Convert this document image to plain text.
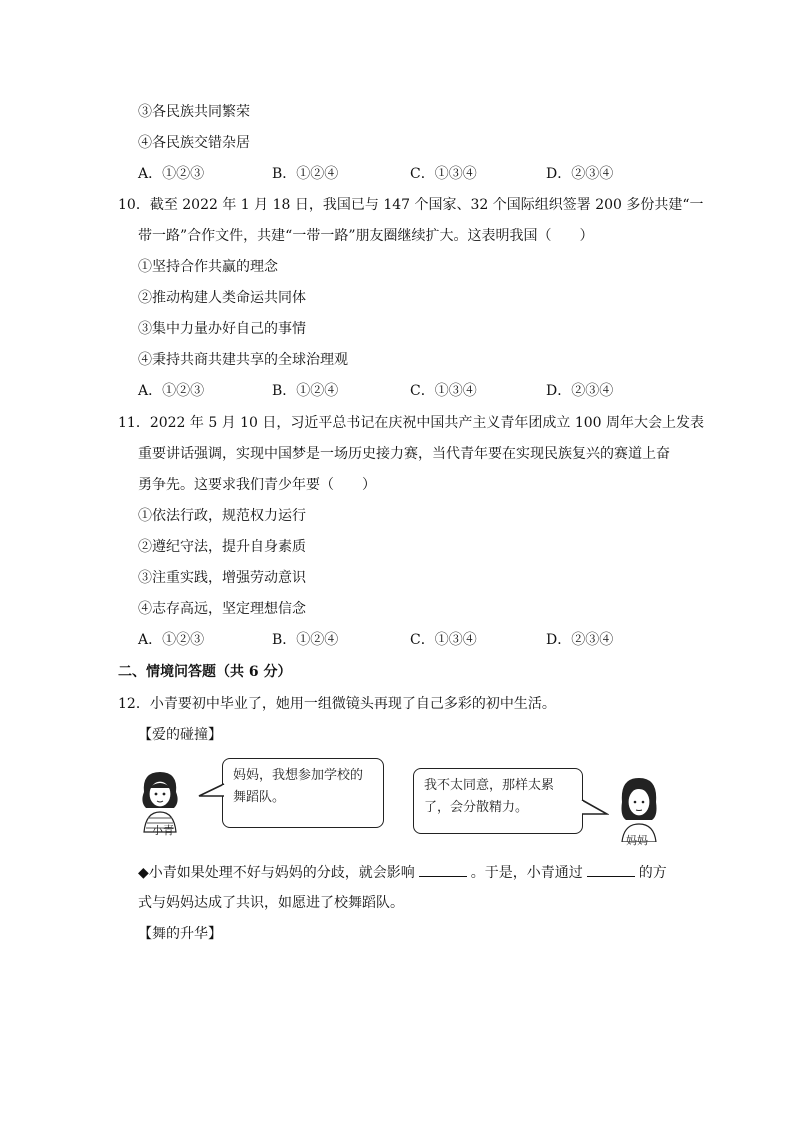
③各民族共同繁荣
④各民族交错杂居
A．①②③	B．①②④	C．①③④	D．②③④
10．截至 2022 年 1 月 18 日，我国已与 147 个国家、32 个国际组织签署 200 多份共建“一
带一路”合作文件，共建“一带一路”朋友圈继续扩大。这表明我国（　　）
①坚持合作共赢的理念
②推动构建人类命运共同体
③集中力量办好自己的事情
④秉持共商共建共享的全球治理观
A．①②③	B．①②④	C．①③④	D．②③④
11．2022 年 5 月 10 日，习近平总书记在庆祝中国共产主义青年团成立 100 周年大会上发表
重要讲话强调，实现中国梦是一场历史接力赛，当代青年要在实现民族复兴的赛道上奋
勇争先。这要求我们青少年要（　　）
①依法行政，规范权力运行
②遵纪守法，提升自身素质
③注重实践，增强劳动意识
④志存高远，坚定理想信念
A．①②③	B．①②④	C．①③④	D．②③④
二、情境问答题（共 6 分）
12．小青要初中毕业了，她用一组微镜头再现了自己多彩的初中生活。
【爱的碰撞】
小青
妈妈，我想参加学校的
舞蹈队。
我不太同意，那样太累
了，会分散精力。
妈妈
◆小青如果处理不好与妈妈的分歧，就会影响	。于是，小青通过	的方
式与妈妈达成了共识，如愿进了校舞蹈队。
【舞的升华】
